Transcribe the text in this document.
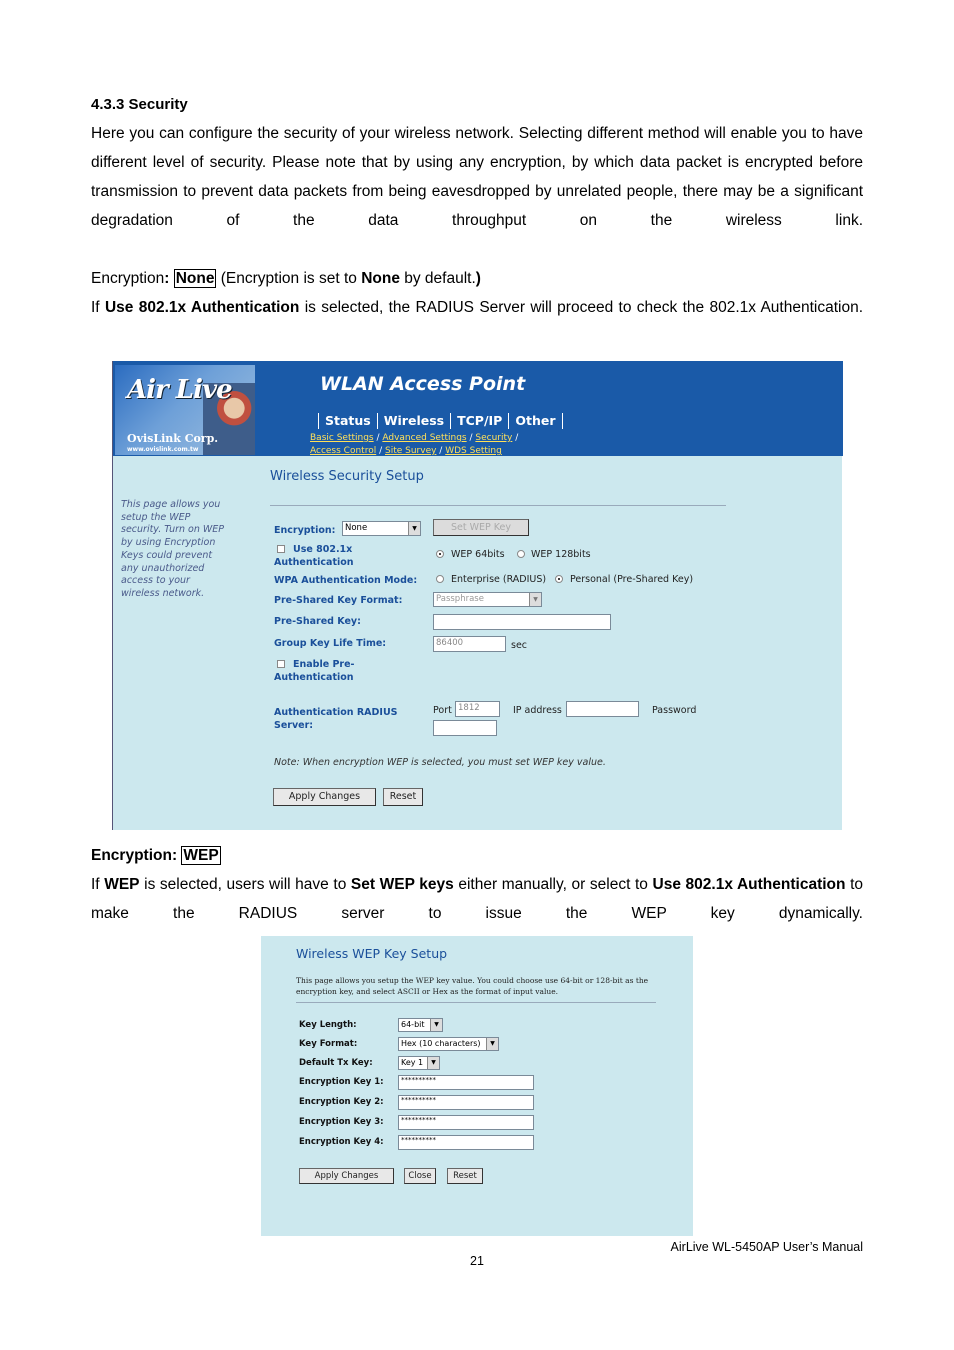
4.3.3 Security
Here you can configure the security of your wireless network. Selecting different method will enable you to have different level of security. Please note that by using any encryption, by which data packet is encrypted before transmission to prevent data packets from being eavesdropped by unrelated people, there may be a significant degradation of the data throughput on the wireless link.
Encryption: None (Encryption is set to None by default.)
If Use 802.1x Authentication is selected, the RADIUS Server will proceed to check the 802.1x Authentication.
Air Live
OvisLink Corp.
www.ovislink.com.tw
WLAN Access Point
Status	Wireless	TCP/IP	Other
Basic Settings / Advanced Settings / Security /
Access Control / Site Survey / WDS Setting
This page allows you setup the WEP security. Turn on WEP by using Encryption Keys could prevent any unauthorized access to your wireless network.
Wireless Security Setup
Encryption:	None	▼	Set WEP Key
Use 802.1x Authentication
WEP 64bits	WEP 128bits
WPA Authentication Mode:	Enterprise (RADIUS)	Personal (Pre-Shared Key)
Pre-Shared Key Format:	Passphrase	▼
Pre-Shared Key:
Group Key Life Time:	86400	sec
Enable Pre-Authentication
Authentication RADIUS Server:
Port 1812	IP address	Password
Note: When encryption WEP is selected, you must set WEP key value.
Apply Changes	Reset
Encryption: WEP
If WEP is selected, users will have to Set WEP keys either manually, or select to Use 802.1x Authentication to make the RADIUS server to issue the WEP key dynamically.
Wireless WEP Key Setup
This page allows you setup the WEP key value. You could choose use 64-bit or 128-bit as the encryption key, and select ASCII or Hex as the format of input value.
Key Length:	64-bit	▼
Key Format:	Hex (10 characters)	▼
Default Tx Key:	Key 1	▼
Encryption Key 1:	**********
Encryption Key 2:	**********
Encryption Key 3:	**********
Encryption Key 4:	**********
Apply Changes	Close	Reset
AirLive WL-5450AP User’s Manual
21
